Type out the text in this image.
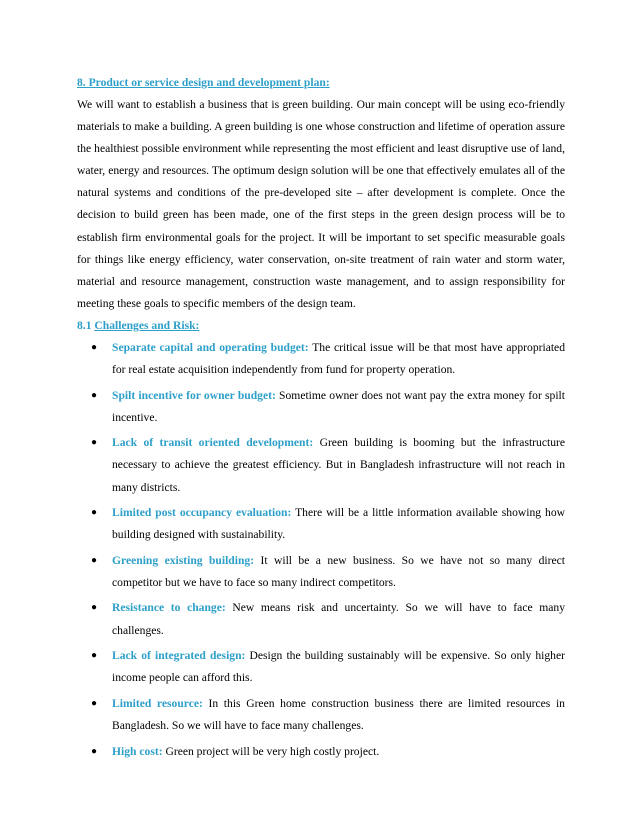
8. Product or service design and development plan:

We will want to establish a business that is green building. Our main concept will be using eco-friendly materials to make a building. A green building is one whose construction and lifetime of operation assure the healthiest possible environment while representing the most efficient and least disruptive use of land, water, energy and resources. The optimum design solution will be one that effectively emulates all of the natural systems and conditions of the pre-developed site – after development is complete. Once the decision to build green has been made, one of the first steps in the green design process will be to establish firm environmental goals for the project. It will be important to set specific measurable goals for things like energy efficiency, water conservation, on-site treatment of rain water and storm water, material and resource management, construction waste management, and to assign responsibility for meeting these goals to specific members of the design team.

8.1 Challenges and Risk:

● Separate capital and operating budget: The critical issue will be that most have appropriated for real estate acquisition independently from fund for property operation.
● Spilt incentive for owner budget: Sometime owner does not want pay the extra money for spilt incentive.
● Lack of transit oriented development: Green building is booming but the infrastructure necessary to achieve the greatest efficiency. But in Bangladesh infrastructure will not reach in many districts.
● Limited post occupancy evaluation: There will be a little information available showing how building designed with sustainability.
● Greening existing building: It will be a new business. So we have not so many direct competitor but we have to face so many indirect competitors.
● Resistance to change: New means risk and uncertainty. So we will have to face many challenges.
● Lack of integrated design: Design the building sustainably will be expensive. So only higher income people can afford this.
● Limited resource: In this Green home construction business there are limited resources in Bangladesh. So we will have to face many challenges.
● High cost: Green project will be very high costly project.
